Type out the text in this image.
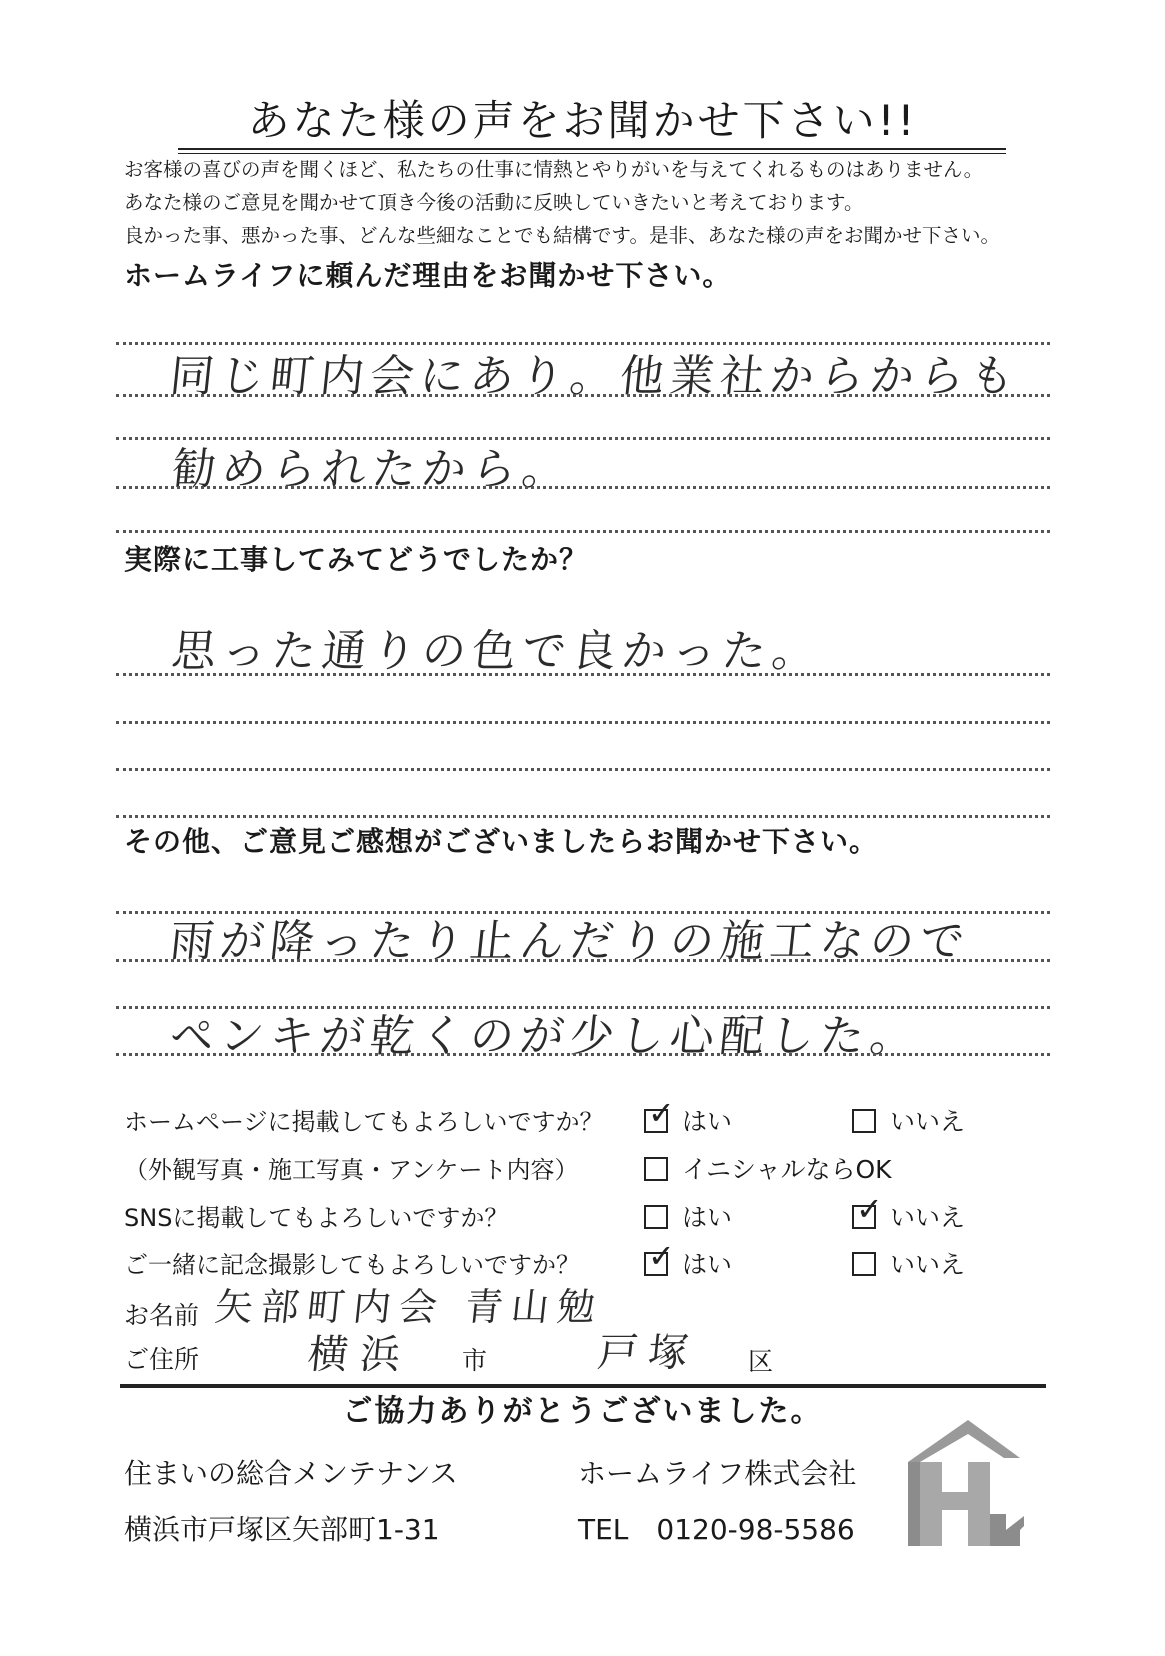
あなた様の声をお聞かせ下さい!!
お客様の喜びの声を聞くほど、私たちの仕事に情熱とやりがいを与えてくれるものはありません。
あなた様のご意見を聞かせて頂き今後の活動に反映していきたいと考えております。
良かった事、悪かった事、どんな些細なことでも結構です。是非、あなた様の声をお聞かせ下さい。
ホームライフに頼んだ理由をお聞かせ下さい。
同じ町内会にあり。他業社からからも
勧められたから。
実際に工事してみてどうでしたか？
思った通りの色で良かった。
その他、ご意見ご感想がございましたらお聞かせ下さい。
雨が降ったり止んだりの施工なので
ペンキが乾くのが少し心配した。
ホームページに掲載してもよろしいですか？ ✓ はい	いいえ
（外観写真・施工写真・アンケート内容）	イニシャルならOK
SNSに掲載してもよろしいですか？	はい	✓ いいえ
ご一緒に記念撮影してもよろしいですか？ ✓ はい	いいえ
お名前 矢部町内会 青山勉
ご住所	横浜 市	戸塚 区
ご協力ありがとうございました。
住まいの総合メンテナンス	ホームライフ株式会社
横浜市戸塚区矢部町1-31	TEL　0120-98-5586
